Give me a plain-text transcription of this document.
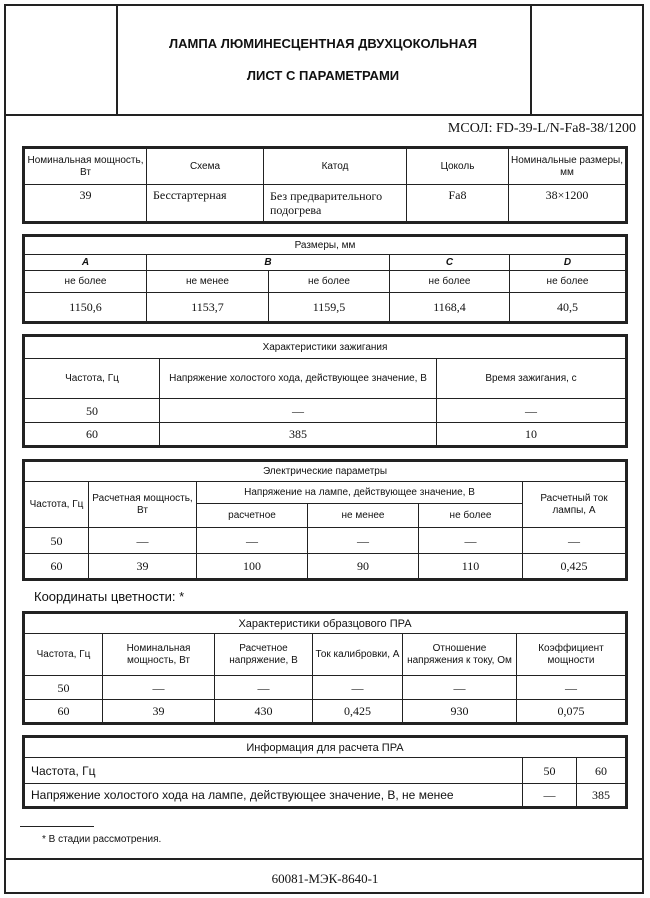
ЛАМПА ЛЮМИНЕСЦЕНТНАЯ ДВУХЦОКОЛЬНАЯ
ЛИСТ С ПАРАМЕТРАМИ
МСОЛ: FD-39-L/N-Fa8-38/1200
Номинальная мощность, Вт	Схема	Катод	Цоколь	Номинальные размеры, мм
39	Бесстартерная	Без предварительного подогрева	Fa8	38×1200
Размеры, мм				
A	B		C	D
не более	не менее	не более	не более	не более
1150,6	1153,7	1159,5	1168,4	40,5
Характеристики зажигания		
Частота, Гц	Напряжение холостого хода, действующее значение, В	Время зажигания, с
50	—	—
60	385	10
Электрические параметры					
Частота, Гц	Расчетная мощность, Вт	Напряжение на лампе, действующее значение, В			Расчетный ток лампы, А
		расчетное	не менее	не более	
50	—	—	—	—	—
60	39	100	90	110	0,425
Координаты цветности: *
Характеристики образцового ПРА					
Частота, Гц	Номинальная мощность, Вт	Расчетное напряжение, В	Ток калибровки, А	Отношение напряжения к току, Ом	Коэффициент мощности
50	—	—	—	—	—
60	39	430	0,425	930	0,075
Информация для расчета ПРА		
Частота, Гц	50	60
Напряжение холостого хода на лампе, действующее значение, В, не менее	—	385
* В стадии рассмотрения.
60081-МЭК-8640-1
